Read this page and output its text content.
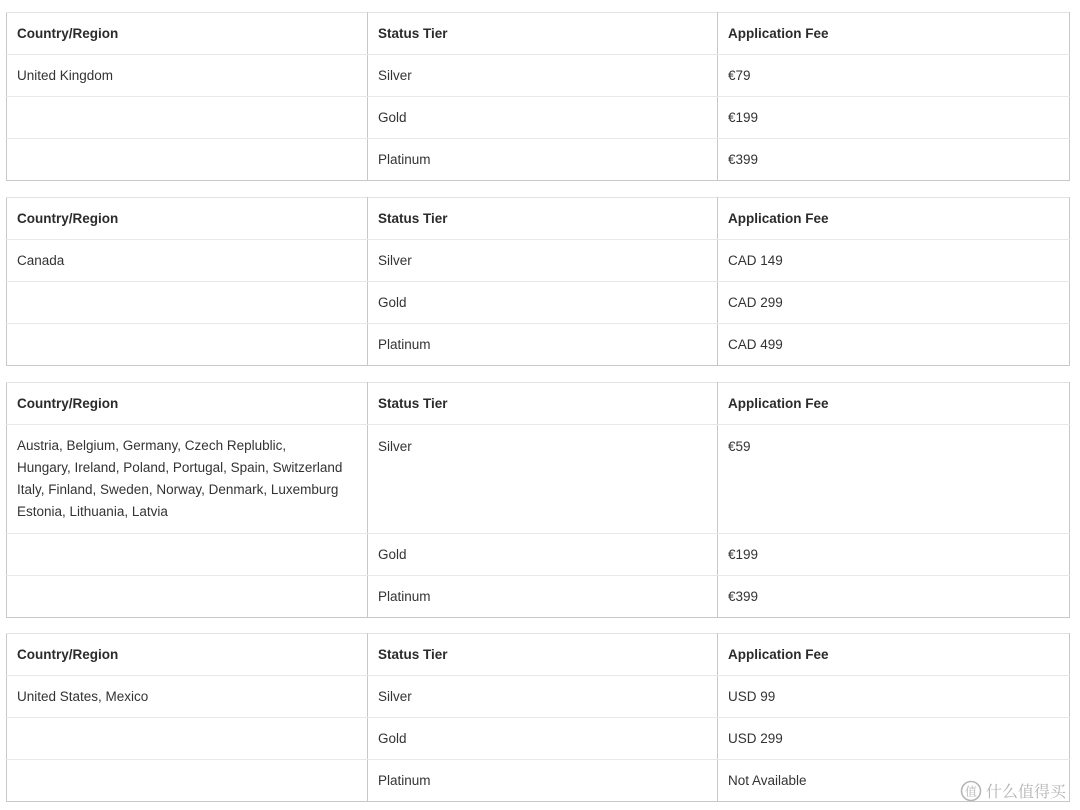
Country/Region	Status Tier	Application Fee
United Kingdom	Silver	€79
	Gold	€199
	Platinum	€399
Country/Region	Status Tier	Application Fee
Canada	Silver	CAD 149
	Gold	CAD 299
	Platinum	CAD 499
Country/Region	Status Tier	Application Fee

Austria, Belgium, Germany, Czech Replublic,
Hungary, Ireland, Poland, Portugal, Spain, Switzerland
Italy, Finland, Sweden, Norway, Denmark, Luxemburg
Estonia, Lithuania, Latvia	Silver	€59
	Gold	€199
	Platinum	€399
Country/Region	Status Tier	Application Fee
United States, Mexico	Silver	USD 99
	Gold	USD 299
	Platinum	Not Available
值 什么值得买
